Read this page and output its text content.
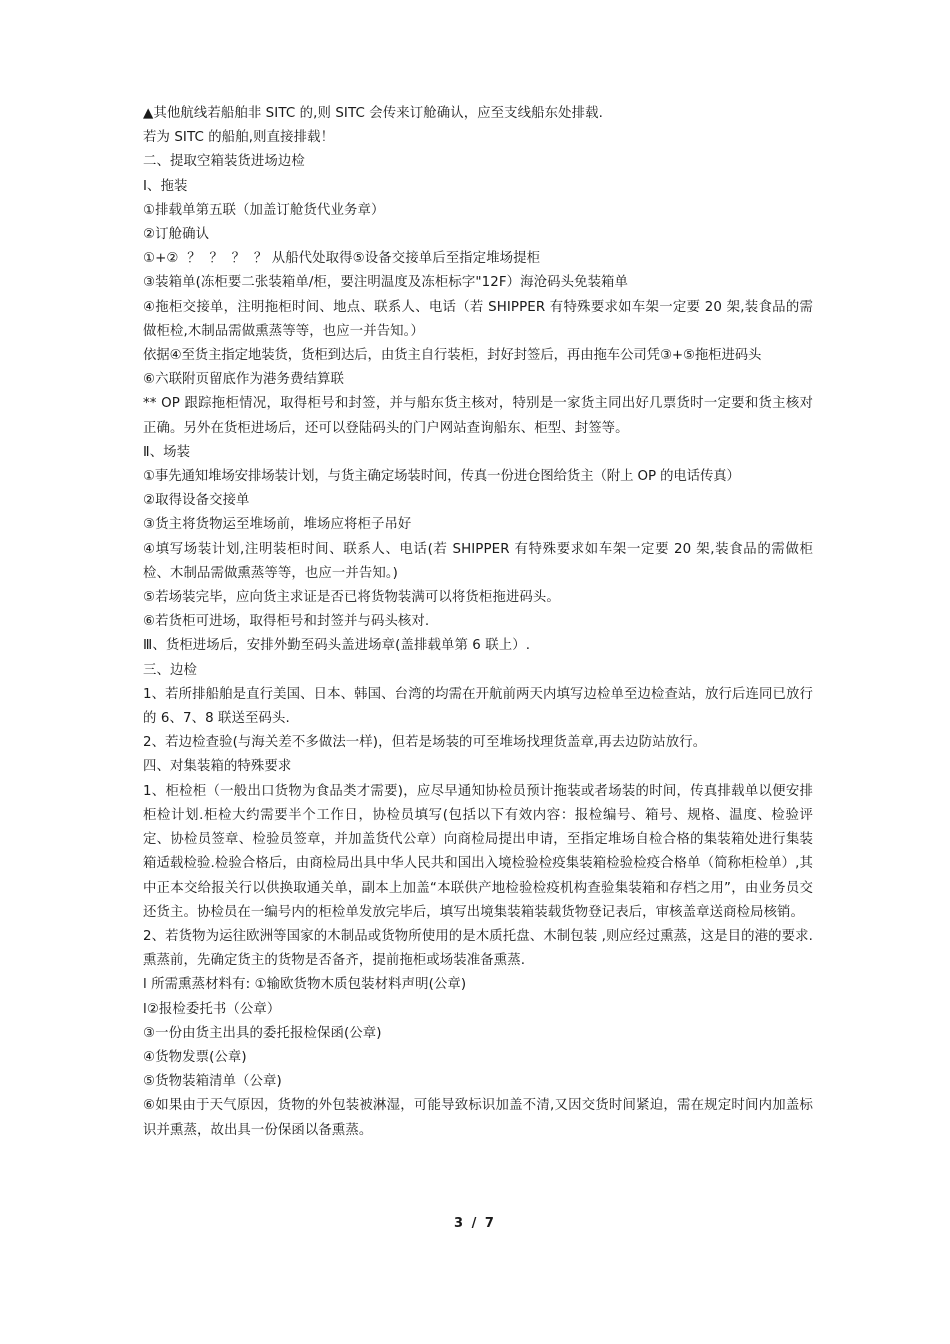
▲其他航线若船舶非 SITC 的,则 SITC 会传来订舱确认，应至支线船东处排载.

若为 SITC 的船舶,则直接排载！

二、提取空箱装货进场边检

Ⅰ、拖装

①排载单第五联（加盖订舱货代业务章）

②订舱确认

①+②  ？  ？  ？  ？ 从船代处取得⑤设备交接单后至指定堆场提柜

③装箱单(冻柜要二张装箱单/柜，要注明温度及冻柜标字"12F）海沧码头免装箱单

④拖柜交接单，注明拖柜时间、地点、联系人、电话（若 SHIPPER 有特殊要求如车架一定要 20 架,装食品的需做柜检,木制品需做熏蒸等等，也应一并告知。）

依据④至货主指定地装货，货柜到达后，由货主自行装柜，封好封签后，再由拖车公司凭③+⑤拖柜进码头

⑥六联附页留底作为港务费结算联

** OP 跟踪拖柜情况，取得柜号和封签，并与船东货主核对，特别是一家货主同出好几票货时一定要和货主核对正确。另外在货柜进场后，还可以登陆码头的门户网站查询船东、柜型、封签等。

Ⅱ、场装

①事先通知堆场安排场装计划，与货主确定场装时间，传真一份进仓图给货主（附上 OP 的电话传真）

②取得设备交接单

③货主将货物运至堆场前，堆场应将柜子吊好

④填写场装计划,注明装柜时间、联系人、电话(若 SHIPPER 有特殊要求如车架一定要 20 架,装食品的需做柜检、木制品需做熏蒸等等，也应一并告知。)

⑤若场装完毕，应向货主求证是否已将货物装满可以将货柜拖进码头。

⑥若货柜可进场，取得柜号和封签并与码头核对.

Ⅲ、货柜进场后，安排外勤至码头盖进场章(盖排载单第 6 联上）.

三、边检

1、若所排船舶是直行美国、日本、韩国、台湾的均需在开航前两天内填写边检单至边检查站，放行后连同已放行的 6、7、8 联送至码头.

2、若边检查验(与海关差不多做法一样)，但若是场装的可至堆场找理货盖章,再去边防站放行。

四、对集装箱的特殊要求

1、柜检柜（一般出口货物为食品类才需要)，应尽早通知协检员预计拖装或者场装的时间，传真排载单以便安排柜检计划.柜检大约需要半个工作日，协检员填写(包括以下有效内容：报检编号、箱号、规格、温度、检验评定、协检员签章、检验员签章，并加盖货代公章）向商检局提出申请，至指定堆场自检合格的集装箱处进行集装箱适载检验.检验合格后，由商检局出具中华人民共和国出入境检验检疫集装箱检验检疫合格单（简称柜检单）,其中正本交给报关行以供换取通关单，副本上加盖“本联供产地检验检疫机构查验集装箱和存档之用”，由业务员交还货主。协检员在一编号内的柜检单发放完毕后，填写出境集装箱装载货物登记表后，审核盖章送商检局核销。

2、若货物为运往欧洲等国家的木制品或货物所使用的是木质托盘、木制包装 ,则应经过熏蒸，这是目的港的要求.熏蒸前，先确定货主的货物是否备齐，提前拖柜或场装准备熏蒸.

l 所需熏蒸材料有: ①输欧货物木质包装材料声明(公章)

l②报检委托书（公章）

③一份由货主出具的委托报检保函(公章)

④货物发票(公章)

⑤货物装箱清单（公章)

⑥如果由于天气原因，货物的外包装被淋湿，可能导致标识加盖不清,又因交货时间紧迫，需在规定时间内加盖标识并熏蒸，故出具一份保函以备熏蒸。

3 / 7
